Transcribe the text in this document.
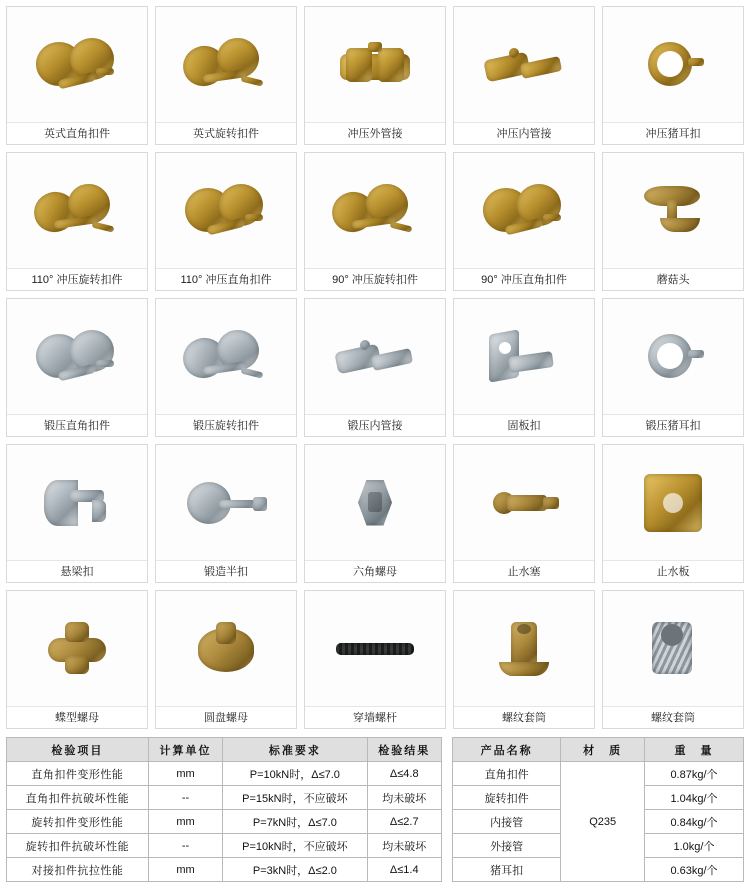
英式直角扣件	英式旋转扣件	冲压外管接	冲压内管接	冲压猪耳扣
110° 冲压旋转扣件	110° 冲压直角扣件	90° 冲压旋转扣件	90° 冲压直角扣件	蘑菇头
锻压直角扣件	锻压旋转扣件	锻压内管接	固板扣	锻压猪耳扣
悬梁扣	锻造半扣	六角螺母	止水塞	止水板
蝶型螺母	圆盘螺母	穿墙螺杆	螺纹套筒	螺纹套筒
检验项目	计算单位	标准要求	检验结果
直角扣件变形性能	mm	P=10kN时，Δ≤7.0	Δ≤4.8
直角扣件抗破坏性能	--	P=15kN时，不应破坏	均未破坏
旋转扣件变形性能	mm	P=7kN时，Δ≤7.0	Δ≤2.7
旋转扣件抗破坏性能	--	P=10kN时，不应破坏	均未破坏
对接扣件抗拉性能	mm	P=3kN时，Δ≤2.0	Δ≤1.4
产品名称	材　质	重　量
直角扣件	Q235	0.87kg/个
旋转扣件		1.04kg/个
内接管		0.84kg/个
外接管		1.0kg/个
猪耳扣		0.63kg/个
